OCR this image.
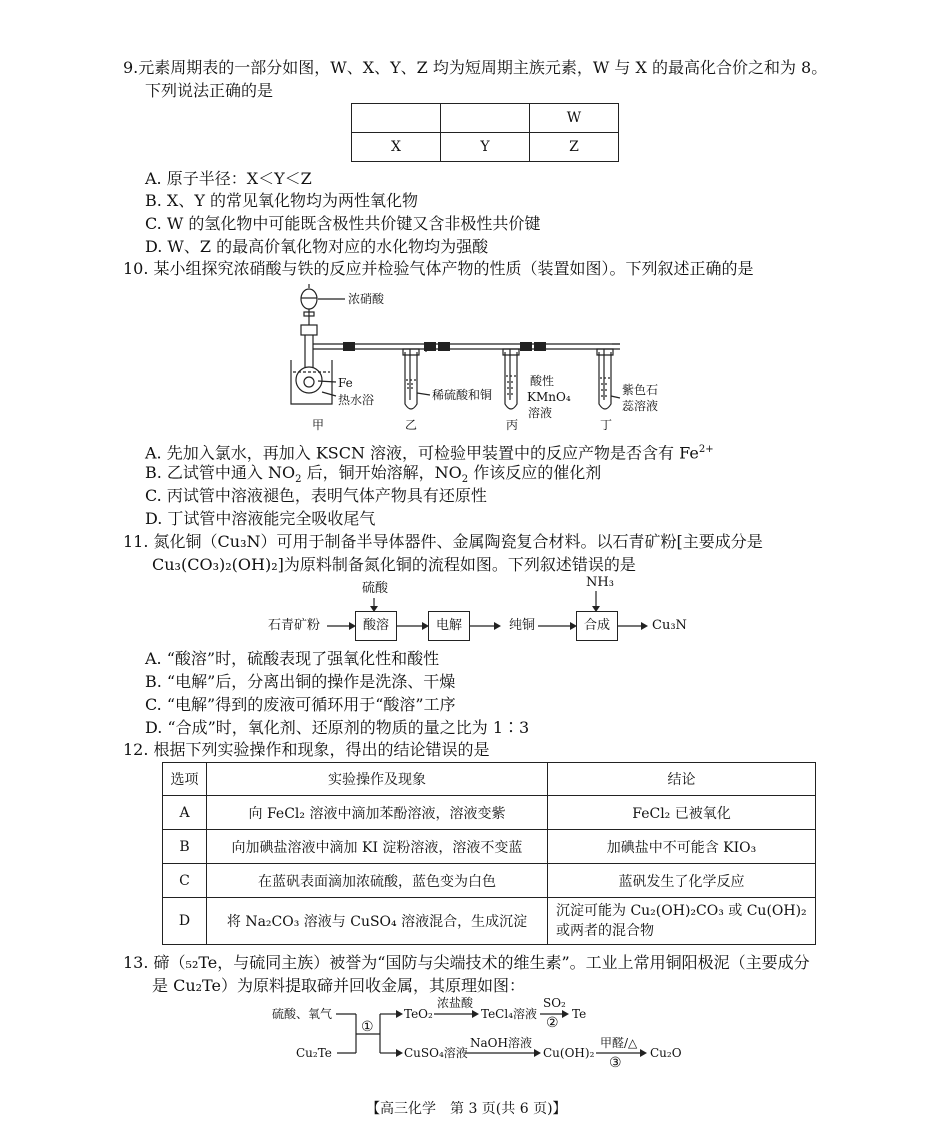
9.元素周期表的一部分如图，W、X、Y、Z 均为短周期主族元素，W 与 X 的最高化合价之和为 8。
下列说法正确的是
		W
X	Y	Z
A. 原子半径：X＜Y＜Z
B. X、Y 的常见氧化物均为两性氧化物
C. W 的氢化物中可能既含极性共价键又含非极性共价键
D. W、Z 的最高价氧化物对应的水化物均为强酸
10. 某小组探究浓硝酸与铁的反应并检验气体产物的性质（装置如图）。下列叙述正确的是
浓硝酸
Fe
热水浴	稀硫酸和铜
酸性
KMnO₄
溶液
紫色石
蕊溶液
甲	乙	丙	丁
A. 先加入氯水，再加入 KSCN 溶液，可检验甲装置中的反应产物是否含有 $Fe^{2+}$
B. 乙试管中通入 $NO_2$ 后，铜开始溶解，$NO_2$ 作该反应的催化剂
C. 丙试管中溶液褪色，表明气体产物具有还原性
D. 丁试管中溶液能完全吸收尾气
11. 氮化铜（Cu₃N）可用于制备半导体器件、金属陶瓷复合材料。以石青矿粉[主要成分是
Cu₃(CO₃)₂(OH)₂]为原料制备氮化铜的流程如图。下列叙述错误的是
石青矿粉
硫酸
酸溶	电解	纯铜
NH₃
合成	Cu₃N
A. “酸溶”时，硫酸表现了强氧化性和酸性
B. “电解”后，分离出铜的操作是洗涤、干燥
C. “电解”得到的废液可循环用于“酸溶”工序
D. “合成”时，氧化剂、还原剂的物质的量之比为 1∶3
12. 根据下列实验操作和现象，得出的结论错误的是
选项	实验操作及现象	结论
A	向 FeCl₂ 溶液中滴加苯酚溶液，溶液变紫	FeCl₂ 已被氧化
B	向加碘盐溶液中滴加 KI 淀粉溶液，溶液不变蓝	加碘盐中不可能含 KIO₃
C	在蓝矾表面滴加浓硫酸，蓝色变为白色	蓝矾发生了化学反应
D	将 Na₂CO₃ 溶液与 CuSO₄ 溶液混合，生成沉淀	沉淀可能为 Cu₂(OH)₂CO₃ 或 Cu(OH)₂ 或两者的混合物
13. 碲（₅₂Te，与硫同主族）被誉为“国防与尖端技术的维生素”。工业上常用铜阳极泥（主要成分
是 Cu₂Te）为原料提取碲并回收金属，其原理如图：
硫酸、氧气
Cu₂Te
①
TeO₂
浓盐酸
TeCl₄溶液
SO₂
②
Te
CuSO₄溶液
NaOH溶液
Cu(OH)₂
甲醛/△
③
Cu₂O
【高三化学　第 3 页(共 6 页)】
